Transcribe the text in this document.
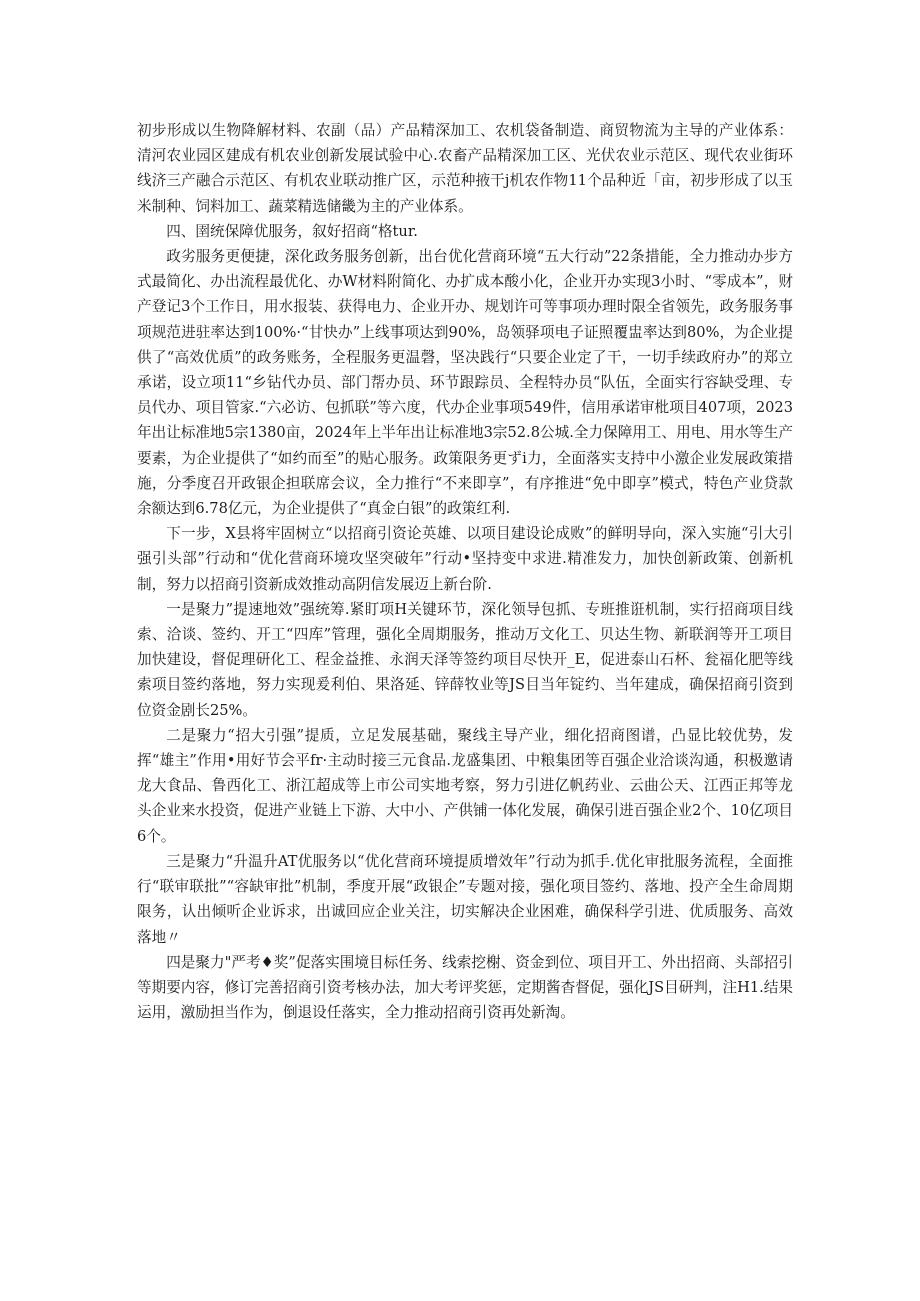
初步形成以生物降解材料、农副（品）产品精深加工、农机袋备制造、商贸物流为主导的产业体系：清河农业园区建成有机农业创新发展试验中心.农畜产品精深加工区、光伏农业示范区、现代农业街环线济三产融合示范区、有机农业联动推广区，示范种掖干j机农作物11个品种近「亩，初步形成了以玉米制种、饲料加工、蔬菜精选储畿为主的产业体系。

四、圉统保障优服务，叙好招商“格tur.

政劣服务更便捷，深化政务服务创新，出台优化营商环境“五大行动”22条措能，全力推动办步方式最简化、办出流程最优化、办W材料附简化、办扩成本酸小化，企业开办实现3小时、“零成本”，财产登记3个工作日，用水报装、获得电力、企业开办、规划许可等事项办理时限全省领先，政务服务事项规范进驻率达到100%·“甘快办”上线事项达到90%，岛领驿项电子证照覆盅率达到80%，为企业提供了“高效优质”的政务账务，全程服务更温磬，坚决践行“只要企业定了干，一切手续政府办”的郑立承诺，设立项11“乡钻代办员、部门帮办员、环节跟踪员、全程特办员“队伍，全面实行容缺受理、专员代办、项目管家.“六必访、包抓联”等六度，代办企业事项549件，信用承诺审枇项目407项，2023年出让标准地5宗1380亩，2024年上半年出让标准地3宗52.8公城.全力保障用工、用电、用水等生产要素，为企业提供了“如约而至”的贴心服务。政策限务更ずi力，全面落实支持中小激企业发展政策措施，分季度召开政银企担联席会议，全力推行“不来即享”，有序推进“免中即享”模式，特色产业贷款余额达到6.78亿元，为企业提供了“真金白银”的政策红利.

下一步，X县将牢固树立“以招商引资论英雄、以项目建设论成败”的鲜明导向，深入实施“引大引强引头部”行动和“优化营商环境攻坚突破年”行动•坚持变中求进.精准发力，加快创新政策、创新机制，努力以招商引资新成效推动高阴信发展迈上新台阶.

一是聚力”提速地效”强统筹.紧盯项H关键环节，深化领导包抓、专班推诳机制，实行招商项目线索、洽谈、签约、开工“四库”管理，强化全周期服务，推动万文化工、贝达生物、新联润等开工项目加快建设，督促理研化工、程金益推、永润天泽等签约项目尽快开_E，促进泰山石杯、瓮福化肥等线索项目签约落地，努力实现爰利伯、果洛延、锌薛牧业等JS目当年锭约、当年建成，确保招商引资到位资金剧长25%。

二是聚力“招大引强”提质，立足发展基础，聚线主导产业，细化招商图谱，凸显比较优势，发挥“雄主”作用•用好节会平fr·主动时接三元食品.龙盛集团、中粮集团等百强企业洽谈沟通，积极邀请龙大食品、鲁西化工、浙江超成等上市公司实地考察，努力引进亿帆药业、云曲公天、江西正邦等龙头企业来水投资，促进产业链上下游、大中小、产供铺一体化发展，确保引进百强企业2个、10亿项目6个。

三是聚力“升温升AT优服务以“优化营商环境提质增效年”行动为抓手.优化审批服务流程，全面推行“联审联批”“容缺审批”机制，季度开展“政银企”专题对接，强化项目签约、落地、投产全生命周期限务，认出倾听企业诉求，出诚回应企业关注，切实解决企业困难，确保科学引进、优质服务、高效落地〃

四是聚力"严考♦奖”促落实围境目标任务、线索挖榭、资金到位、项目开工、外出招商、头部招引等期要内容，修订完善招商引资考核办法，加大考评奖惩，定期酱杳督促，强化JS目研判，注H1.结果运用，激励担当作为，倒退设任落实，全力推动招商引资再处新淘。
